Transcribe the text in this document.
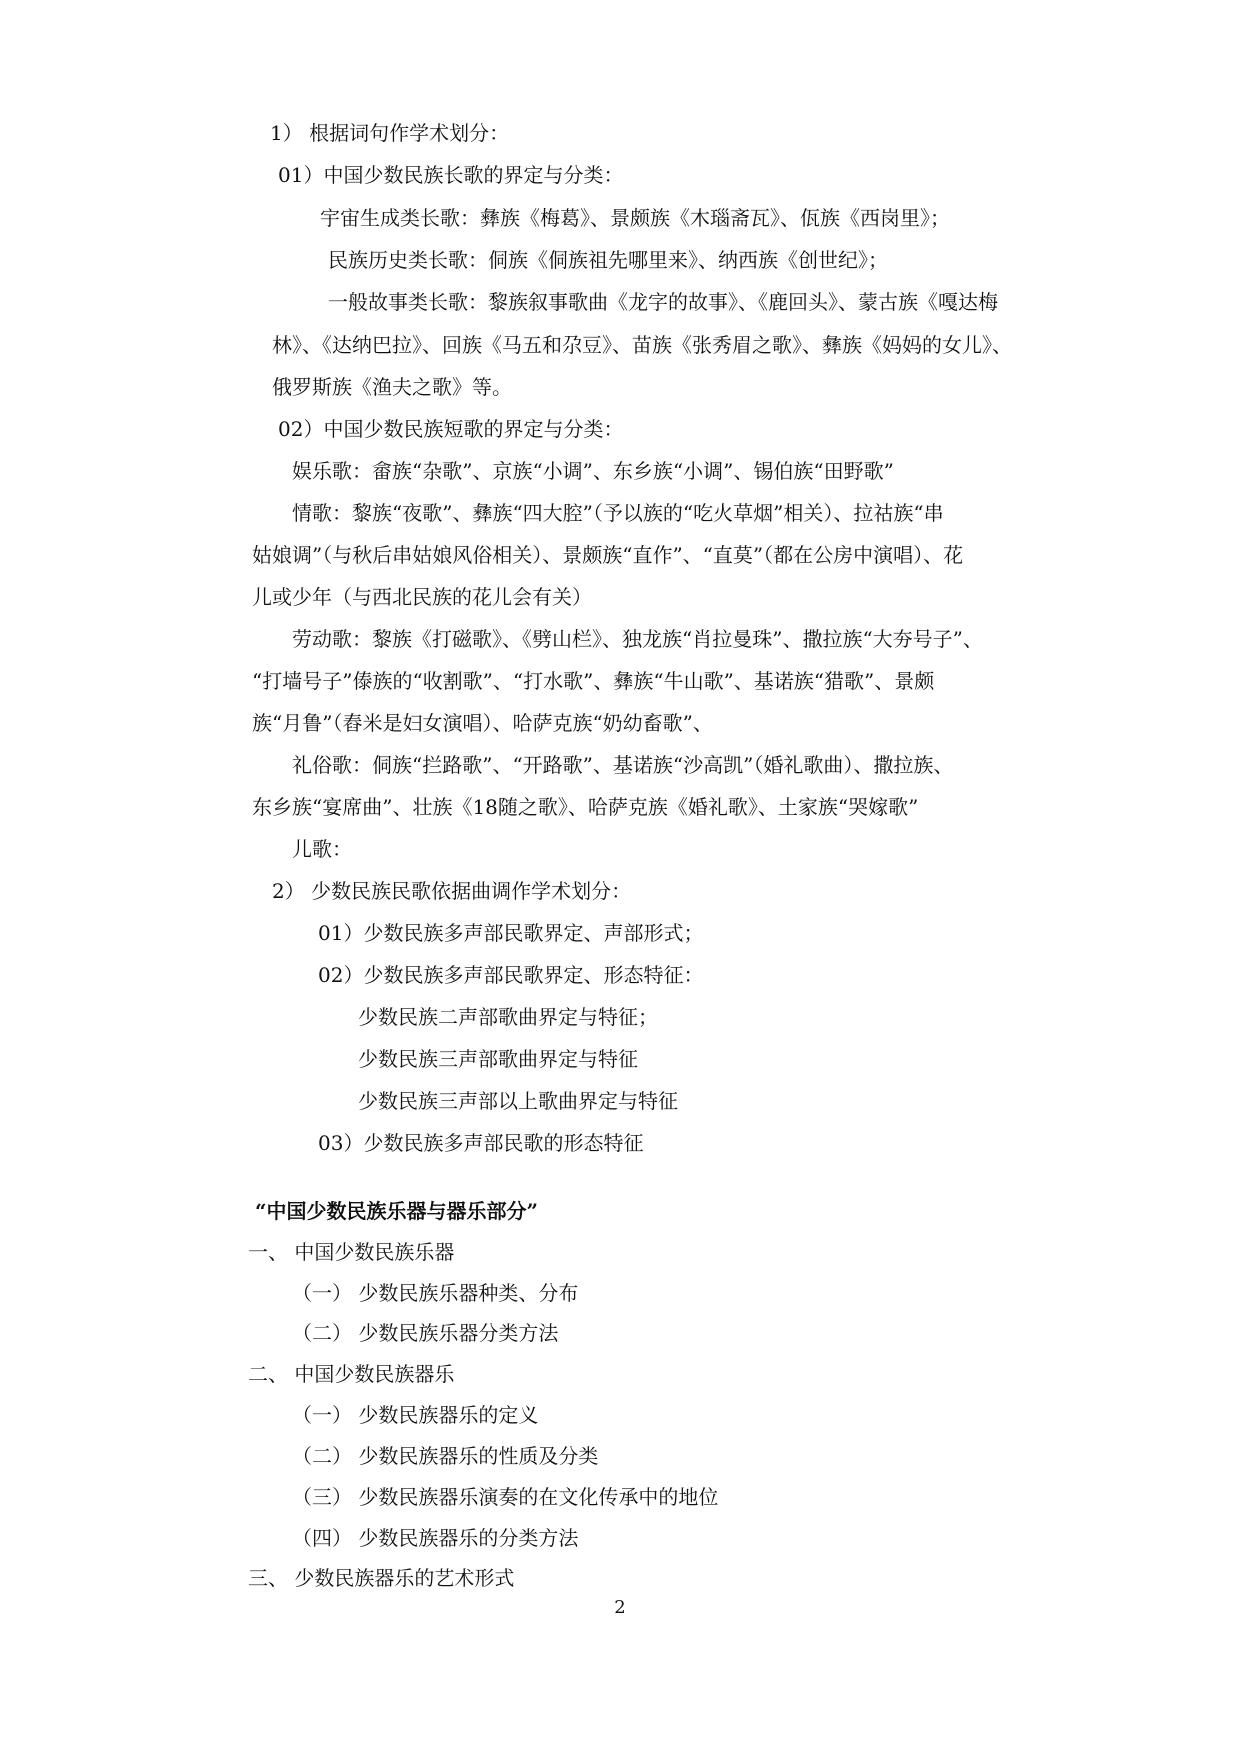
1） 根据词句作学术划分：
01）中国少数民族长歌的界定与分类：
宇宙生成类长歌：彝族《梅葛》、景颇族《木瑙斋瓦》、佤族《西岗里》；
民族历史类长歌：侗族《侗族祖先哪里来》、纳西族《创世纪》；
一般故事类长歌：黎族叙事歌曲《龙字的故事》、《鹿回头》、蒙古族《嘎达梅
林》、《达纳巴拉》、回族《马五和尕豆》、苗族《张秀眉之歌》、彝族《妈妈的女儿》、
俄罗斯族《渔夫之歌》等。
02）中国少数民族短歌的界定与分类：
娱乐歌：畲族“杂歌”、京族“小调”、东乡族“小调”、锡伯族“田野歌”
情歌：黎族“夜歌”、彝族“四大腔”（予以族的“吃火草烟”相关）、拉祜族“串
姑娘调”（与秋后串姑娘风俗相关）、景颇族“直作”、“直莫”（都在公房中演唱）、花
儿或少年（与西北民族的花儿会有关）
劳动歌：黎族《打磁歌》、《劈山栏》、独龙族“肖拉曼珠”、撒拉族“大夯号子”、
“打墙号子”傣族的“收割歌”、“打水歌”、彝族“牛山歌”、基诺族“猎歌”、景颇
族“月鲁”（舂米是妇女演唱）、哈萨克族“奶幼畜歌”、
礼俗歌：侗族“拦路歌”、“开路歌”、基诺族“沙高凯”（婚礼歌曲）、撒拉族、
东乡族“宴席曲”、壮族《18随之歌》、哈萨克族《婚礼歌》、土家族“哭嫁歌”
儿歌：
2） 少数民族民歌依据曲调作学术划分：
01）少数民族多声部民歌界定、声部形式；
02）少数民族多声部民歌界定、形态特征：
少数民族二声部歌曲界定与特征；
少数民族三声部歌曲界定与特征
少数民族三声部以上歌曲界定与特征
03）少数民族多声部民歌的形态特征
“中国少数民族乐器与器乐部分”
一、 中国少数民族乐器
（一） 少数民族乐器种类、分布
（二） 少数民族乐器分类方法
二、 中国少数民族器乐
（一） 少数民族器乐的定义
（二） 少数民族器乐的性质及分类
（三） 少数民族器乐演奏的在文化传承中的地位
（四） 少数民族器乐的分类方法
三、 少数民族器乐的艺术形式
2
